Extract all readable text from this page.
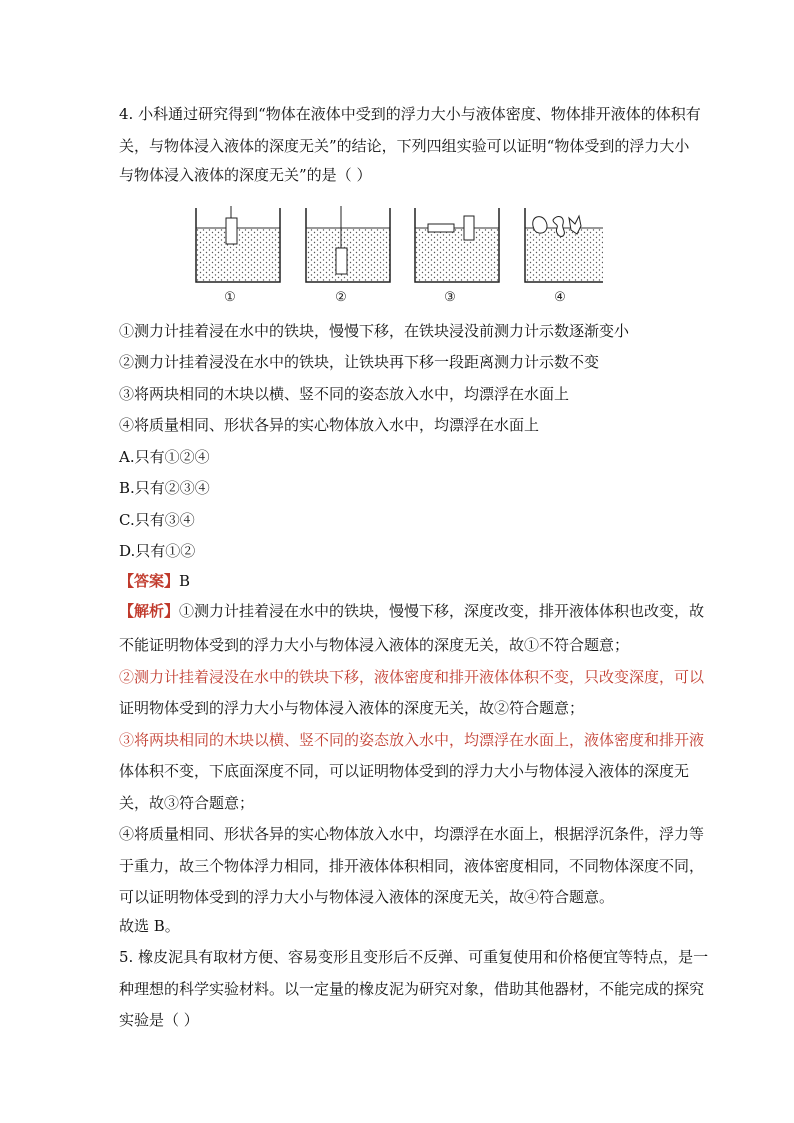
4. 小科通过研究得到“物体在液体中受到的浮力大小与液体密度、物体排开液体的体积有
关，与物体浸入液体的深度无关”的结论，下列四组实验可以证明“物体受到的浮力大小
与物体浸入液体的深度无关”的是（ ）
①	②	③	④
①测力计挂着浸在水中的铁块，慢慢下移，在铁块浸没前测力计示数逐渐变小
②测力计挂着浸没在水中的铁块，让铁块再下移一段距离测力计示数不变
③将两块相同的木块以横、竖不同的姿态放入水中，均漂浮在水面上
④将质量相同、形状各异的实心物体放入水中，均漂浮在水面上
A.只有①②④
B.只有②③④
C.只有③④
D.只有①②
【答案】B
【解析】①测力计挂着浸在水中的铁块，慢慢下移，深度改变，排开液体体积也改变，故
不能证明物体受到的浮力大小与物体浸入液体的深度无关，故①不符合题意；
②测力计挂着浸没在水中的铁块下移，液体密度和排开液体体积不变，只改变深度，可以
证明物体受到的浮力大小与物体浸入液体的深度无关，故②符合题意；
③将两块相同的木块以横、竖不同的姿态放入水中，均漂浮在水面上，液体密度和排开液
体体积不变，下底面深度不同，可以证明物体受到的浮力大小与物体浸入液体的深度无
关，故③符合题意；
④将质量相同、形状各异的实心物体放入水中，均漂浮在水面上，根据浮沉条件，浮力等
于重力，故三个物体浮力相同，排开液体体积相同，液体密度相同，不同物体深度不同，
可以证明物体受到的浮力大小与物体浸入液体的深度无关，故④符合题意。
故选 B。
5. 橡皮泥具有取材方便、容易变形且变形后不反弹、可重复使用和价格便宜等特点，是一
种理想的科学实验材料。以一定量的橡皮泥为研究对象，借助其他器材，不能完成的探究
实验是（ ）
